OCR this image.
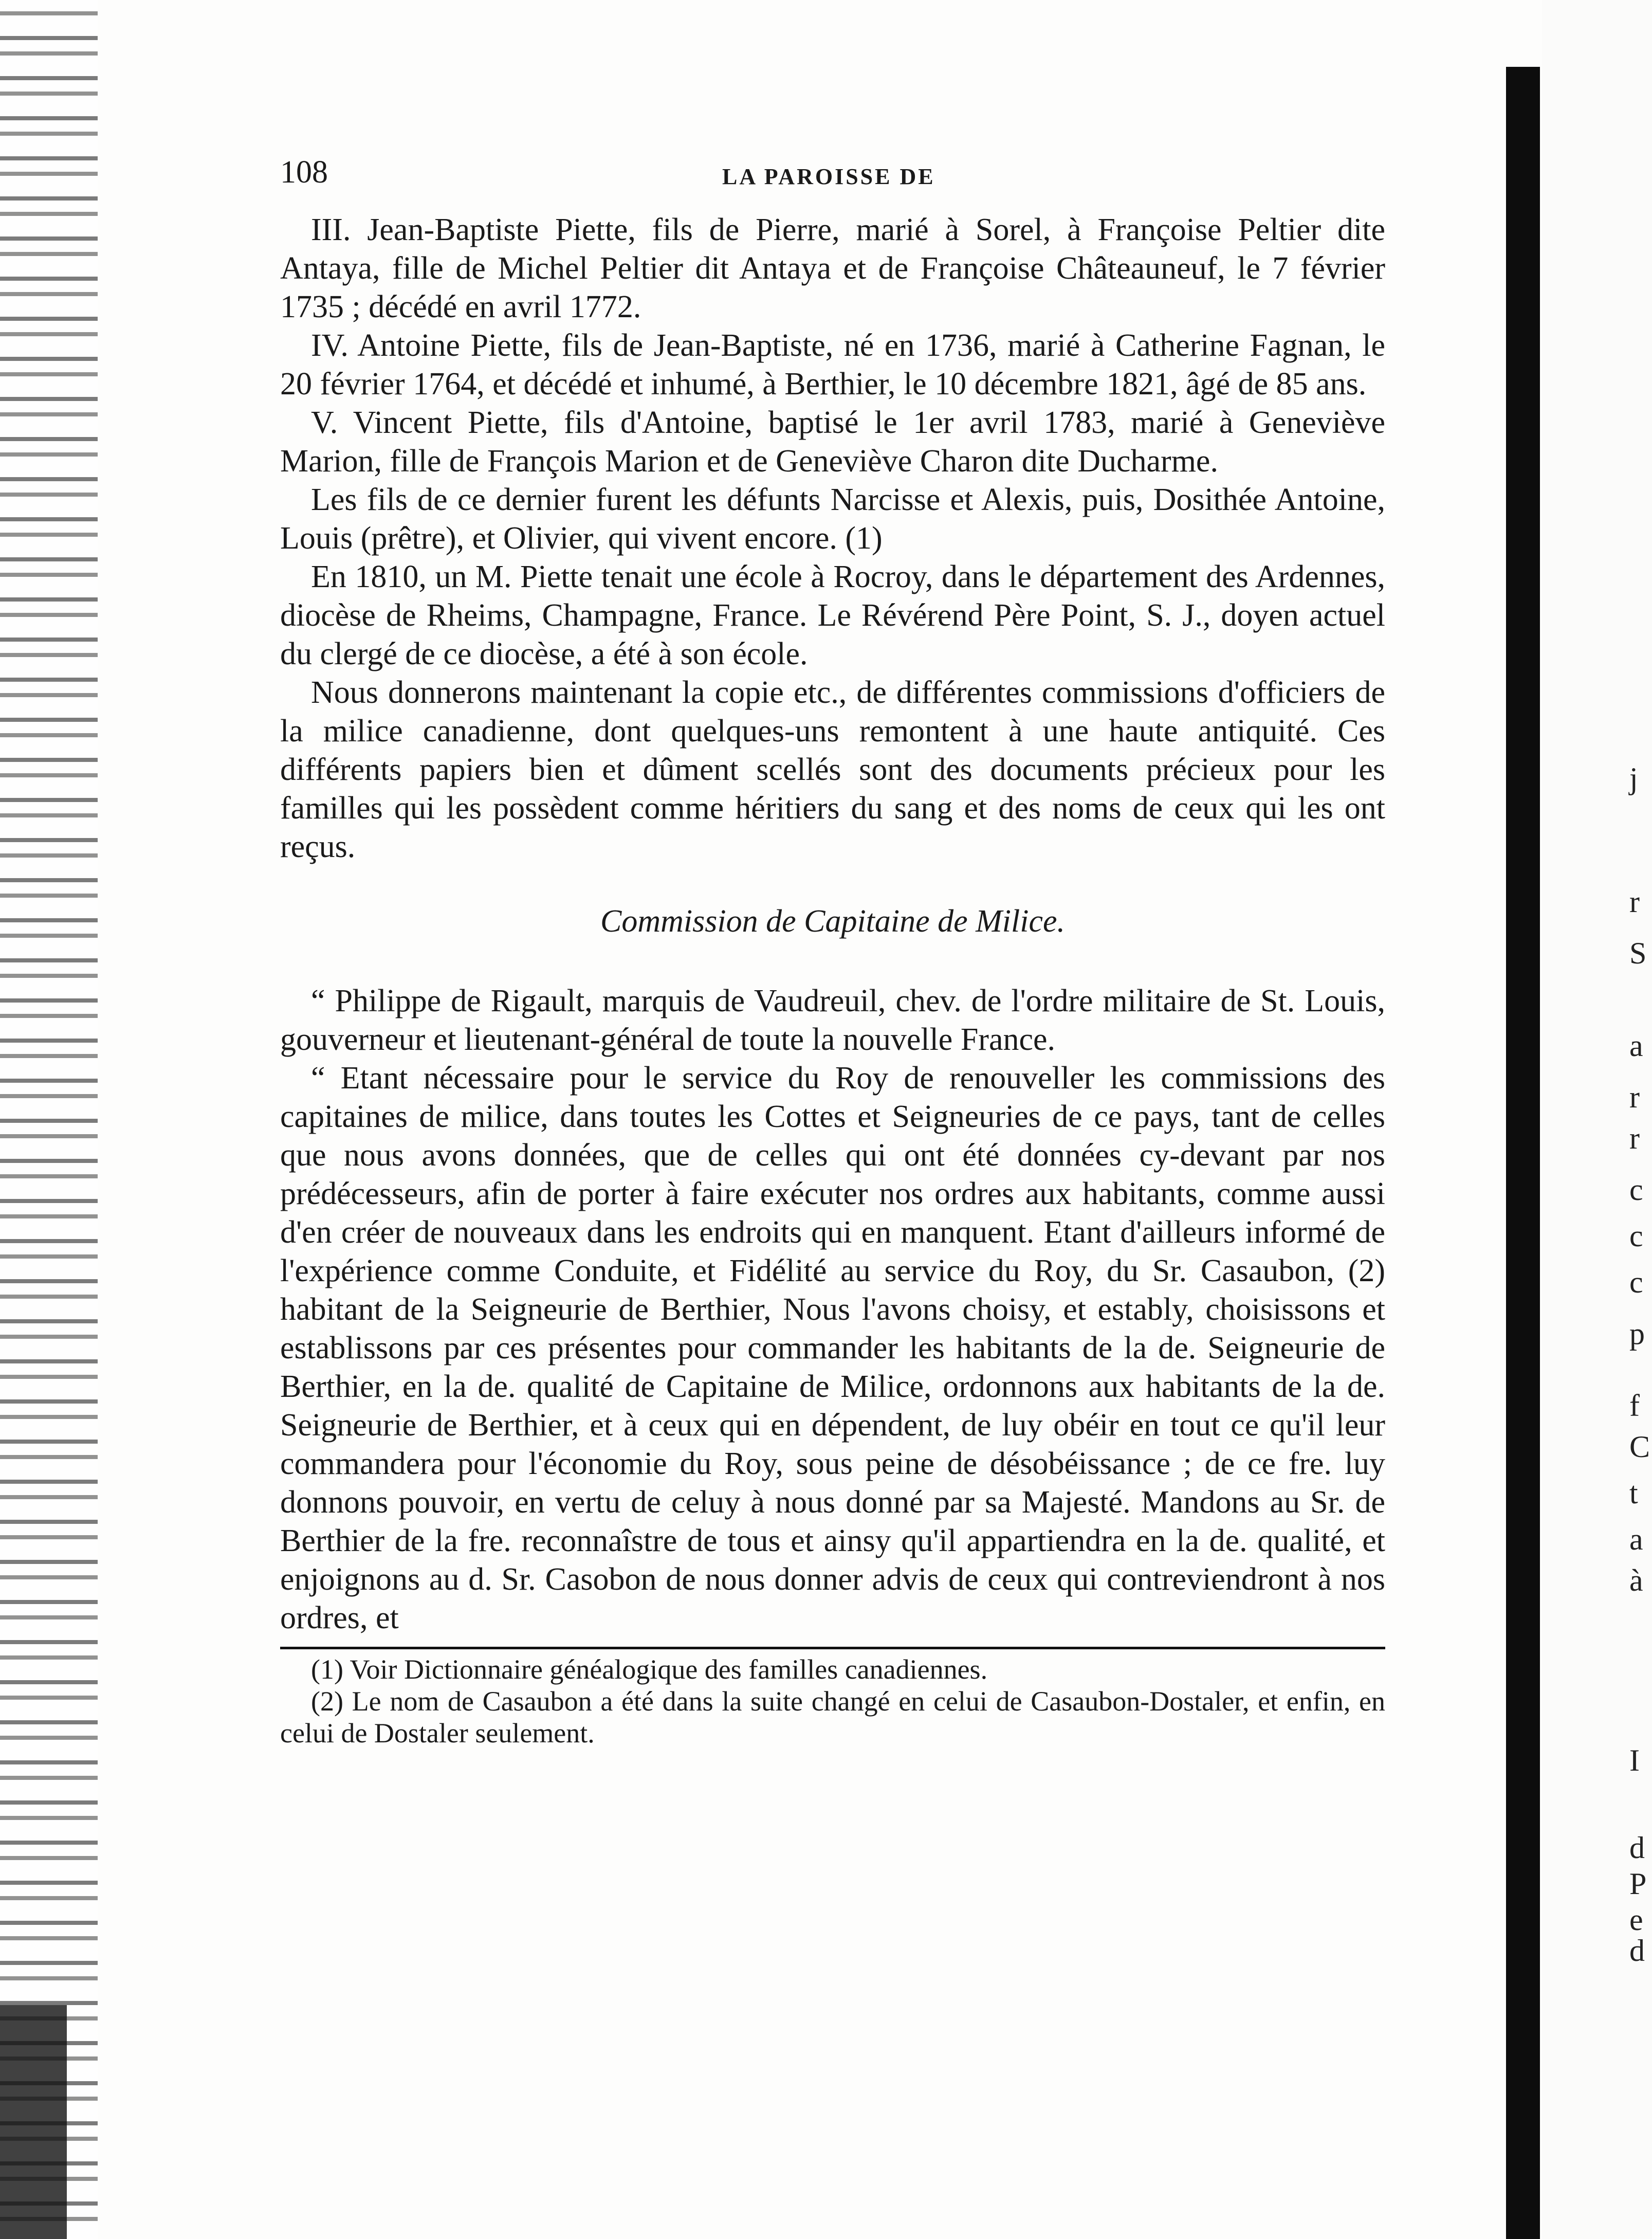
j
r
S
a
r
r
c
c
c
p
f
C
t
a
à
I
d
P
e
d
108	LA PAROISSE DE

III. Jean-Baptiste Piette, fils de Pierre, marié à Sorel, à Françoise Peltier dite Antaya, fille de Michel Peltier dit Antaya et de Françoise Châteauneuf, le 7 février 1735 ; décédé en avril 1772.

IV. Antoine Piette, fils de Jean-Baptiste, né en 1736, marié à Catherine Fagnan, le 20 février 1764, et décédé et inhumé, à Berthier, le 10 décembre 1821, âgé de 85 ans.

V. Vincent Piette, fils d'Antoine, baptisé le 1er avril 1783, marié à Geneviève Marion, fille de François Marion et de Geneviève Charon dite Ducharme.

Les fils de ce dernier furent les défunts Narcisse et Alexis, puis, Dosithée Antoine, Louis (prêtre), et Olivier, qui vivent encore. (1)

En 1810, un M. Piette tenait une école à Rocroy, dans le département des Ardennes, diocèse de Rheims, Champagne, France. Le Révérend Père Point, S. J., doyen actuel du clergé de ce diocèse, a été à son école.

Nous donnerons maintenant la copie etc., de différentes commissions d'officiers de la milice canadienne, dont quelques-uns remontent à une haute antiquité. Ces différents papiers bien et dûment scellés sont des documents précieux pour les familles qui les possèdent comme héritiers du sang et des noms de ceux qui les ont reçus.

Commission de Capitaine de Milice.

“ Philippe de Rigault, marquis de Vaudreuil, chev. de l'ordre militaire de St. Louis, gouverneur et lieutenant-général de toute la nouvelle France.

“ Etant nécessaire pour le service du Roy de renouveller les commissions des capitaines de milice, dans toutes les Cottes et Seigneuries de ce pays, tant de celles que nous avons données, que de celles qui ont été données cy-devant par nos prédécesseurs, afin de porter à faire exécuter nos ordres aux habitants, comme aussi d'en créer de nouveaux dans les endroits qui en manquent. Etant d'ailleurs informé de l'expérience comme Conduite, et Fidélité au service du Roy, du Sr. Casaubon, (2) habitant de la Seigneurie de Berthier, Nous l'avons choisy, et estably, choisissons et establissons par ces présentes pour commander les habitants de la de. Seigneurie de Berthier, en la de. qualité de Capitaine de Milice, ordonnons aux habitants de la de. Seigneurie de Berthier, et à ceux qui en dépendent, de luy obéir en tout ce qu'il leur commandera pour l'économie du Roy, sous peine de désobéissance ; de ce fre. luy donnons pouvoir, en vertu de celuy à nous donné par sa Majesté. Mandons au Sr. de Berthier de la fre. reconnaîstre de tous et ainsy qu'il appartiendra en la de. qualité, et enjoignons au d. Sr. Casobon de nous donner advis de ceux qui contreviendront à nos ordres, et

(1) Voir Dictionnaire généalogique des familles canadiennes.

(2) Le nom de Casaubon a été dans la suite changé en celui de Casaubon-Dostaler, et enfin, en celui de Dostaler seulement.
